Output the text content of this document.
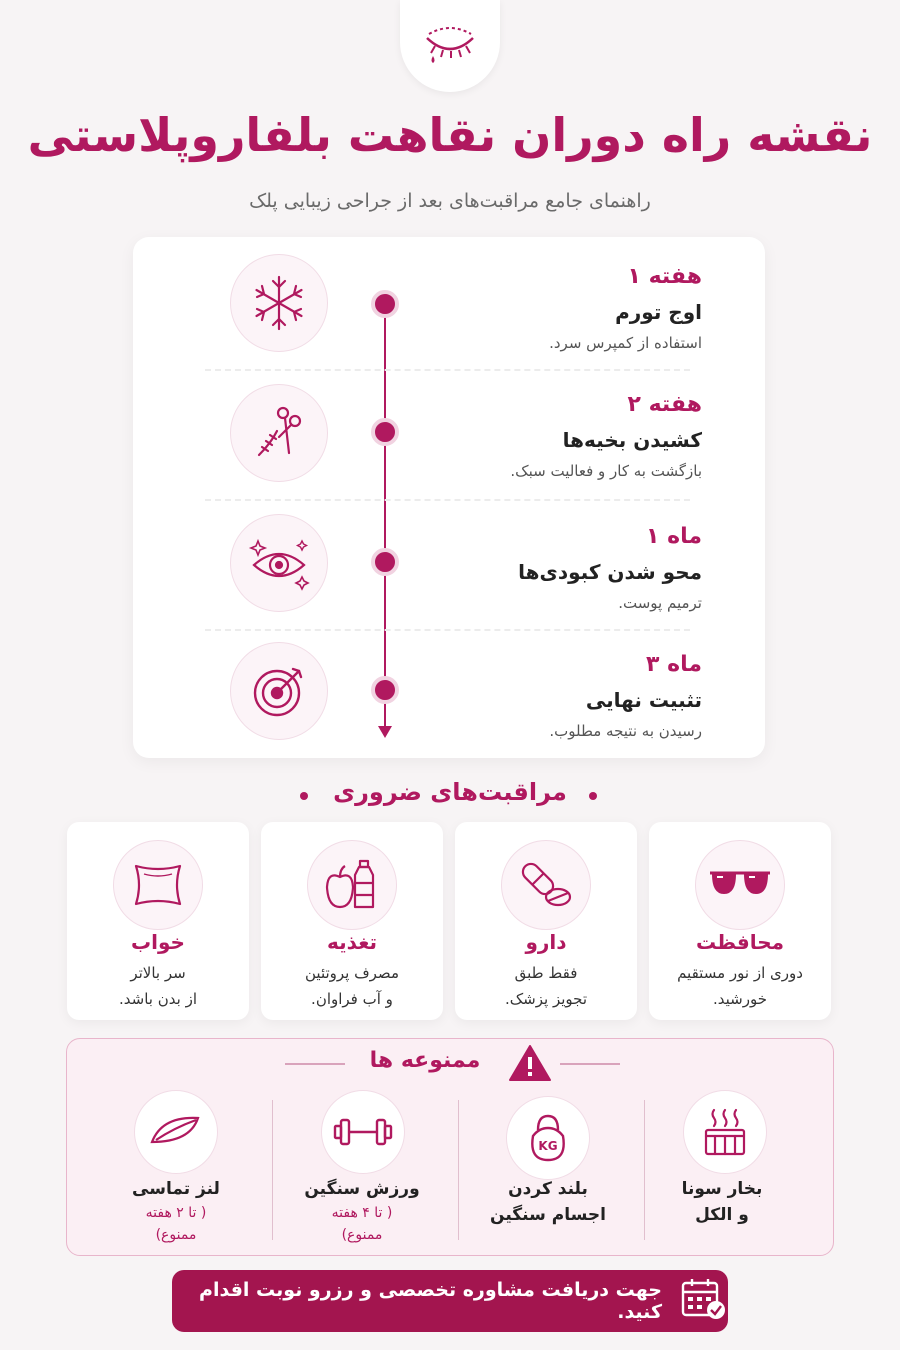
نقشه راه دوران نقاهت بلفاروپلاستی
راهنمای جامع مراقبت‌های بعد از جراحی زیبایی پلک
هفته ۱
اوج تورم
استفاده از کمپرس سرد.
هفته ۲
کشیدن بخیه‌ها
بازگشت به کار و فعالیت سبک.
ماه ۱
محو شدن کبودی‌ها
ترمیم پوست.
ماه ۳
تثبیت نهایی
رسیدن به نتیجه مطلوب.
مراقبت‌های ضروری
خواب
سر بالاتر
از بدن باشد.
تغذیه
مصرف پروتئین
و آب فراوان.
دارو
فقط طبق
تجویز پزشک.
محافظت
دوری از نور مستقیم
خورشید.
ممنوعه ها
لنز تماسی
( تا ۲ هفته
ممنوع)
ورزش سنگین
( تا ۴ هفته
ممنوع)
KG
بلند کردن
اجسام سنگین
بخار سونا
و الکل
جهت دریافت مشاوره تخصصی و رزرو نوبت اقدام کنید.
